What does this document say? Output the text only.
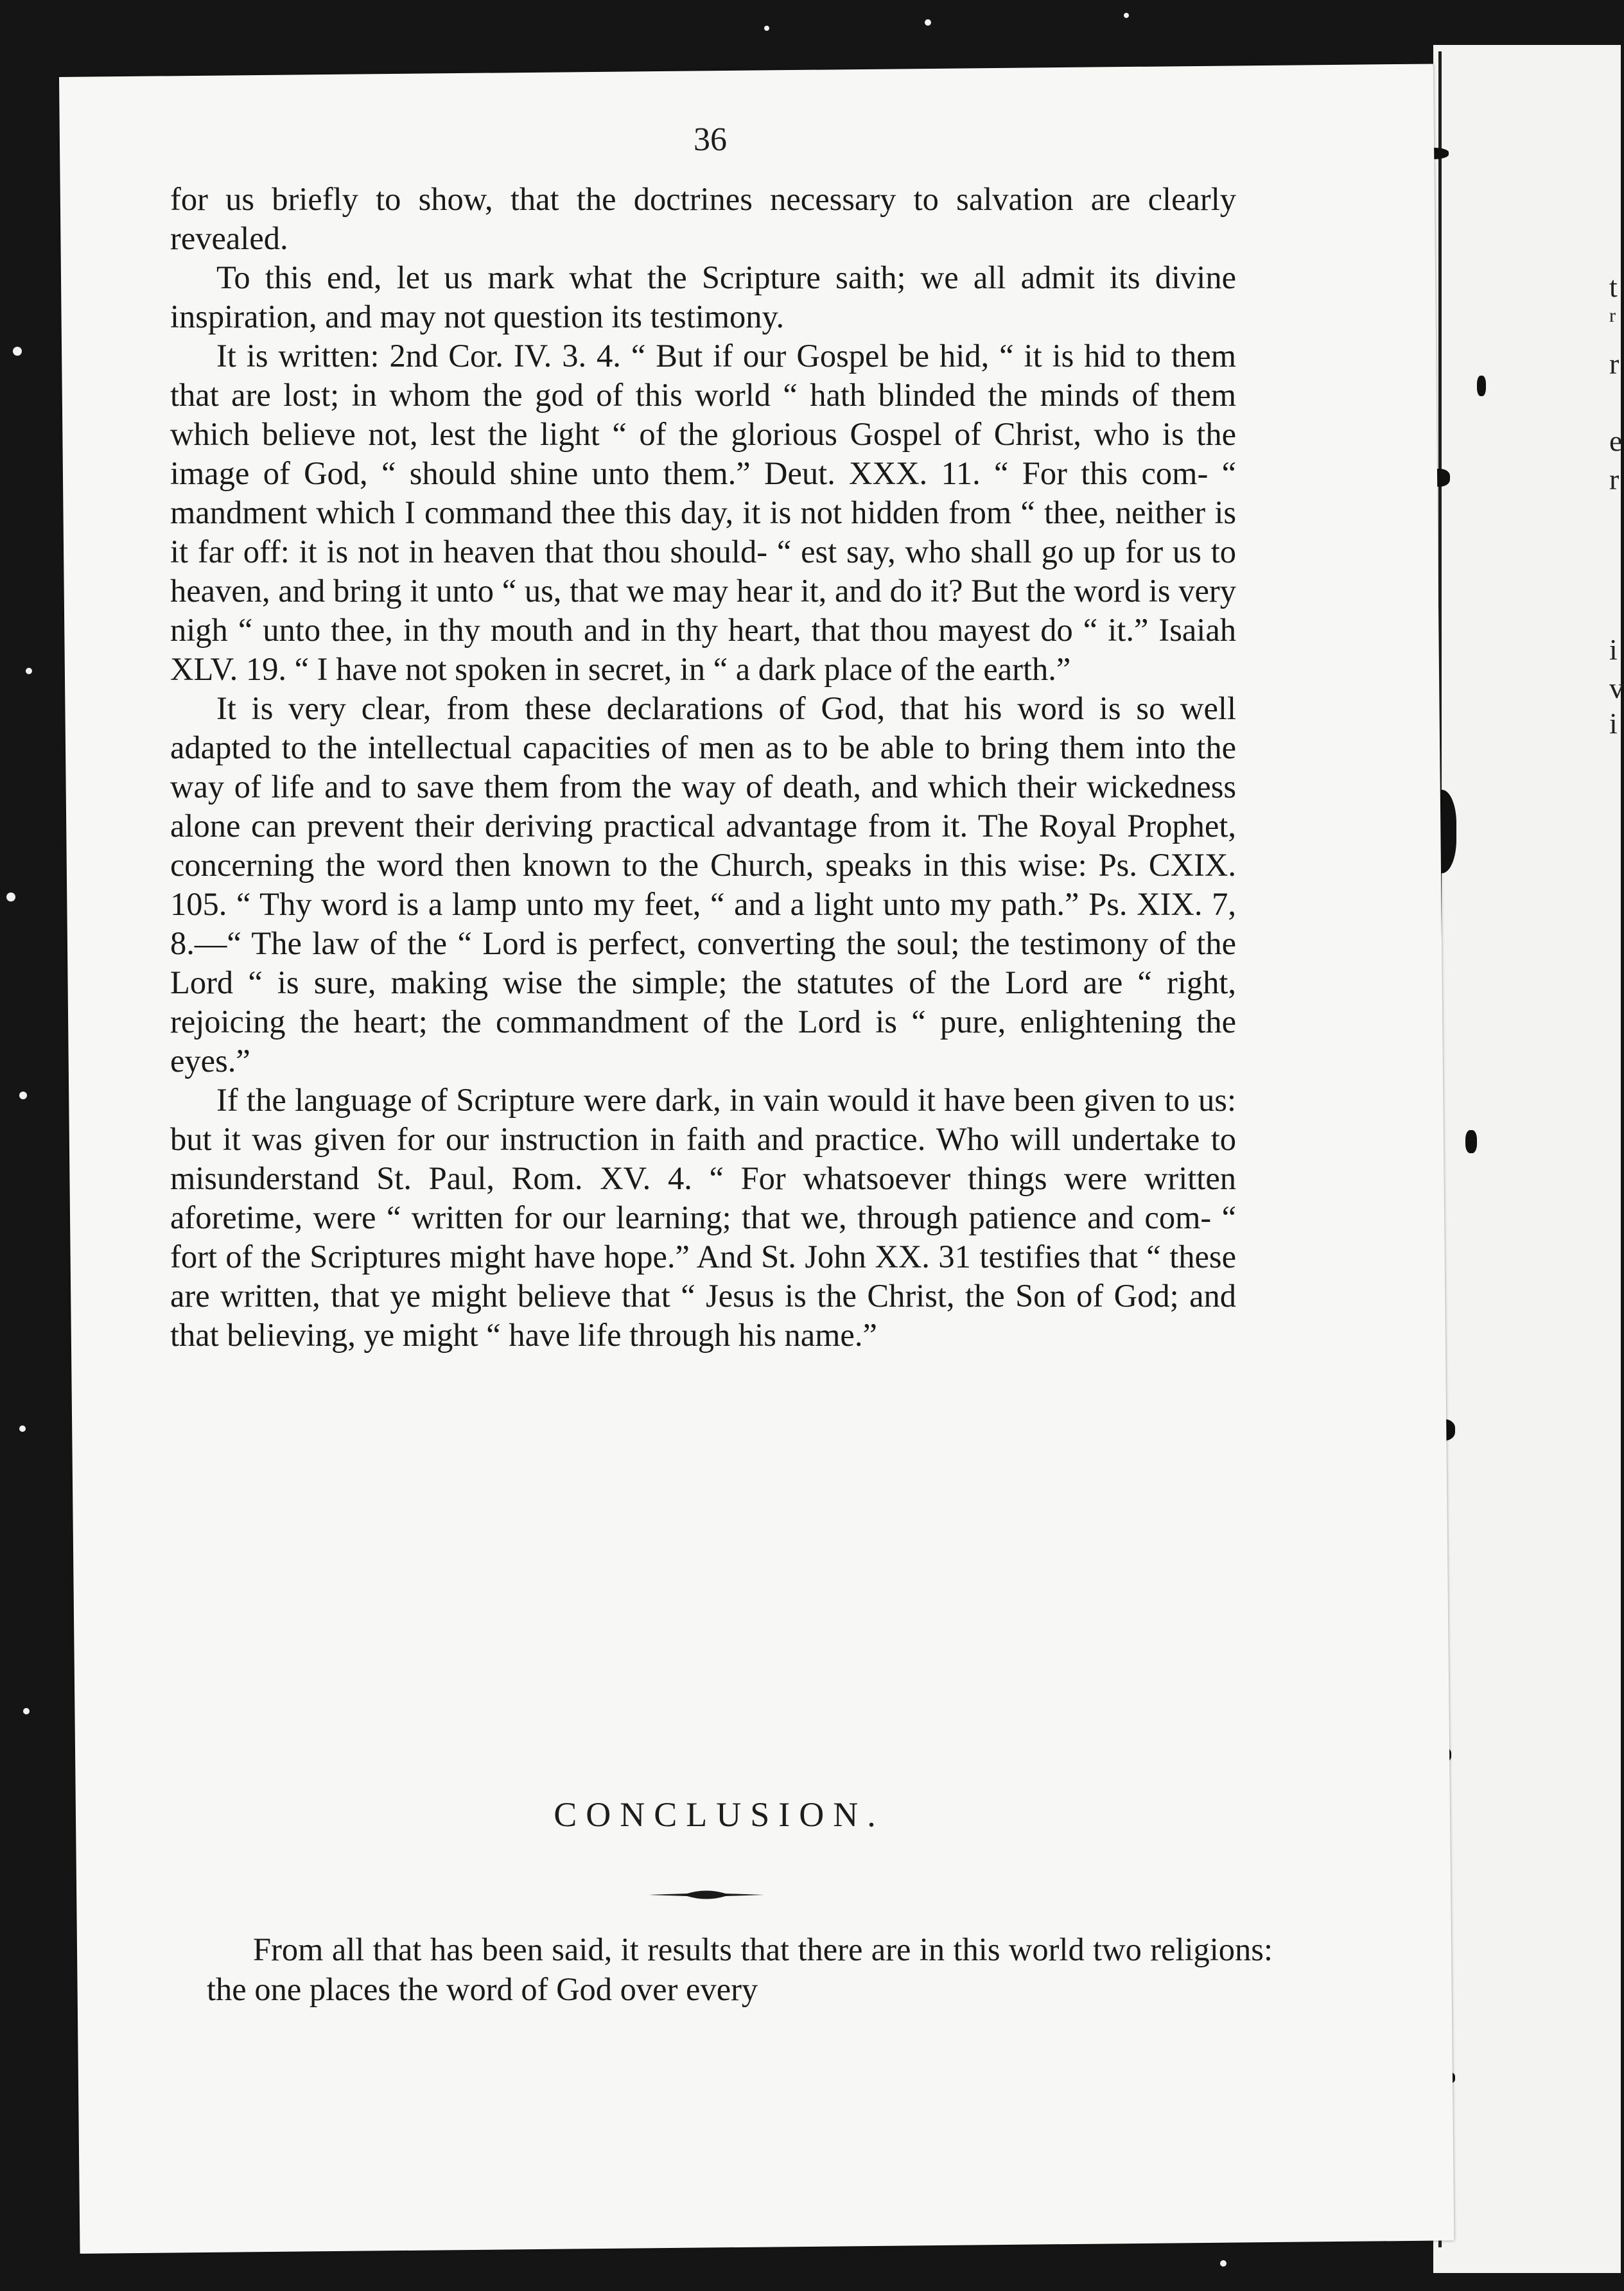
t
r
r
e
r
i
v
i
36

for us briefly to show, that the doctrines necessary to salvation are clearly revealed.

To this end, let us mark what the Scripture saith; we all admit its divine inspiration, and may not question its testimony.

It is written: 2nd Cor. IV. 3. 4. “ But if our Gospel be hid, “ it is hid to them that are lost; in whom the god of this world “ hath blinded the minds of them which believe not, lest the light “ of the glorious Gospel of Christ, who is the image of God, “ should shine unto them.” Deut. XXX. 11. “ For this com- “ mandment which I command thee this day, it is not hidden from “ thee, neither is it far off: it is not in heaven that thou should- “ est say, who shall go up for us to heaven, and bring it unto “ us, that we may hear it, and do it? But the word is very nigh “ unto thee, in thy mouth and in thy heart, that thou mayest do “ it.” Isaiah XLV. 19. “ I have not spoken in secret, in “ a dark place of the earth.”

It is very clear, from these declarations of God, that his word is so well adapted to the intellectual capacities of men as to be able to bring them into the way of life and to save them from the way of death, and which their wickedness alone can prevent their deriving practical advantage from it. The Royal Prophet, concerning the word then known to the Church, speaks in this wise: Ps. CXIX. 105. “ Thy word is a lamp unto my feet, “ and a light unto my path.” Ps. XIX. 7, 8.—“ The law of the “ Lord is perfect, converting the soul; the testimony of the Lord “ is sure, making wise the simple; the statutes of the Lord are “ right, rejoicing the heart; the commandment of the Lord is “ pure, enlightening the eyes.”

If the language of Scripture were dark, in vain would it have been given to us: but it was given for our instruction in faith and practice. Who will undertake to misunderstand St. Paul, Rom. XV. 4. “ For whatsoever things were written aforetime, were “ written for our learning; that we, through patience and com- “ fort of the Scriptures might have hope.” And St. John XX. 31 testifies that “ these are written, that ye might believe that “ Jesus is the Christ, the Son of God; and that believing, ye might “ have life through his name.”

CONCLUSION.

From all that has been said, it results that there are in this world two religions: the one places the word of God over every
